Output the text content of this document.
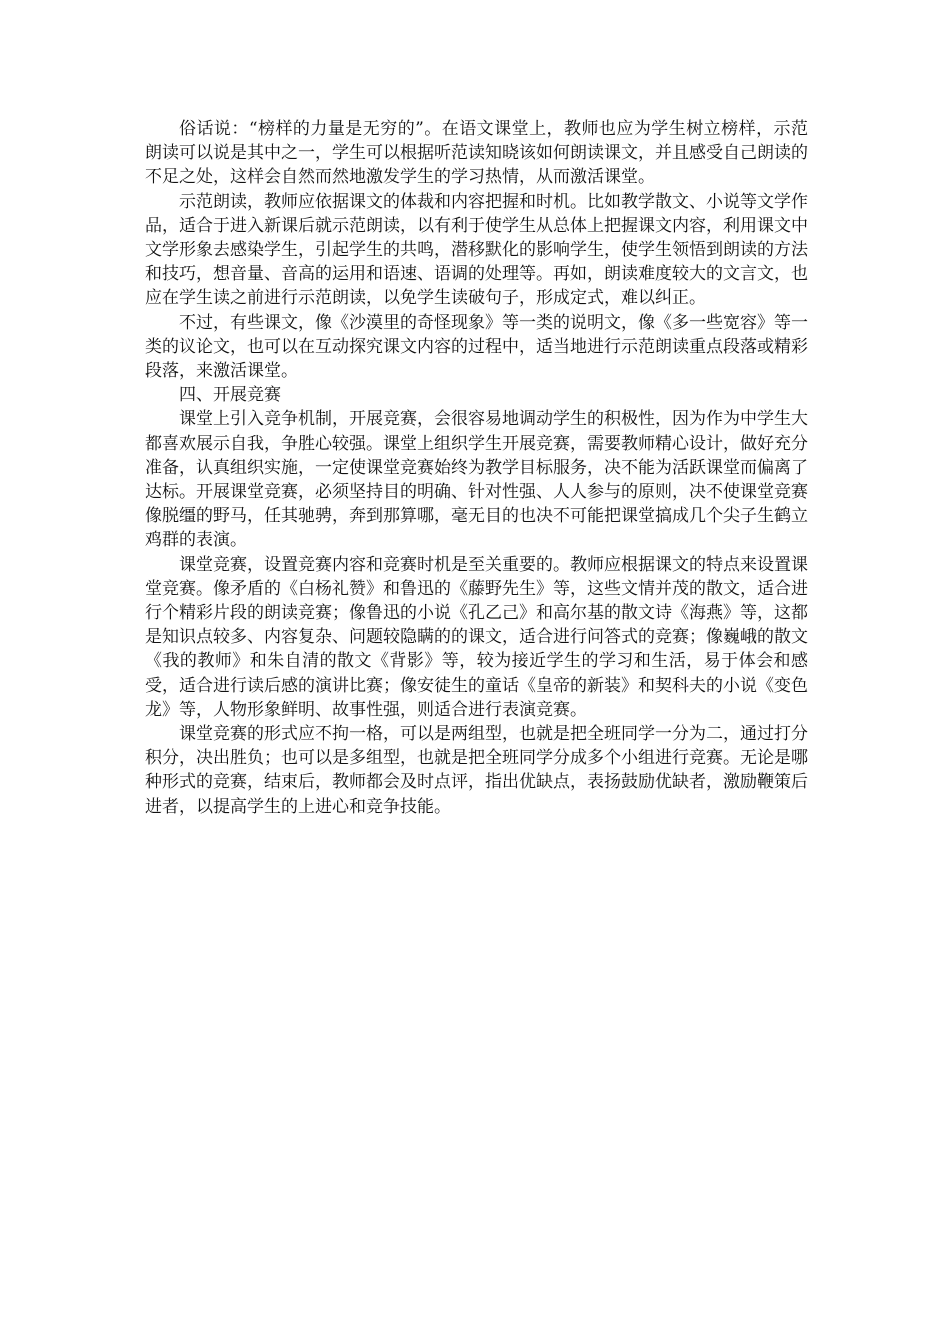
俗话说：“榜样的力量是无穷的”。在语文课堂上，教师也应为学生树立榜样，示范朗读可以说是其中之一，学生可以根据听范读知晓该如何朗读课文，并且感受自己朗读的不足之处，这样会自然而然地激发学生的学习热情，从而激活课堂。

示范朗读，教师应依据课文的体裁和内容把握和时机。比如教学散文、小说等文学作品，适合于进入新课后就示范朗读，以有利于使学生从总体上把握课文内容，利用课文中文学形象去感染学生，引起学生的共鸣，潜移默化的影响学生，使学生领悟到朗读的方法和技巧，想音量、音高的运用和语速、语调的处理等。再如，朗读难度较大的文言文，也应在学生读之前进行示范朗读，以免学生读破句子，形成定式，难以纠正。

不过，有些课文，像《沙漠里的奇怪现象》等一类的说明文，像《多一些宽容》等一类的议论文，也可以在互动探究课文内容的过程中，适当地进行示范朗读重点段落或精彩段落，来激活课堂。

四、开展竞赛

课堂上引入竞争机制，开展竞赛，会很容易地调动学生的积极性，因为作为中学生大都喜欢展示自我，争胜心较强。课堂上组织学生开展竞赛，需要教师精心设计，做好充分准备，认真组织实施，一定使课堂竞赛始终为教学目标服务，决不能为活跃课堂而偏离了达标。开展课堂竞赛，必须坚持目的明确、针对性强、人人参与的原则，决不使课堂竞赛像脱缰的野马，任其驰骋，奔到那算哪，毫无目的也决不可能把课堂搞成几个尖子生鹤立鸡群的表演。

课堂竞赛，设置竞赛内容和竞赛时机是至关重要的。教师应根据课文的特点来设置课堂竞赛。像矛盾的《白杨礼赞》和鲁迅的《藤野先生》等，这些文情并茂的散文，适合进行个精彩片段的朗读竞赛；像鲁迅的小说《孔乙己》和高尔基的散文诗《海燕》等，这都是知识点较多、内容复杂、问题较隐瞒的的课文，适合进行问答式的竞赛；像巍峨的散文《我的教师》和朱自清的散文《背影》等，较为接近学生的学习和生活，易于体会和感受，适合进行读后感的演讲比赛；像安徒生的童话《皇帝的新装》和契科夫的小说《变色龙》等，人物形象鲜明、故事性强，则适合进行表演竞赛。

课堂竞赛的形式应不拘一格，可以是两组型，也就是把全班同学一分为二，通过打分积分，决出胜负；也可以是多组型，也就是把全班同学分成多个小组进行竞赛。无论是哪种形式的竞赛，结束后，教师都会及时点评，指出优缺点，表扬鼓励优缺者，激励鞭策后进者，以提高学生的上进心和竞争技能。
